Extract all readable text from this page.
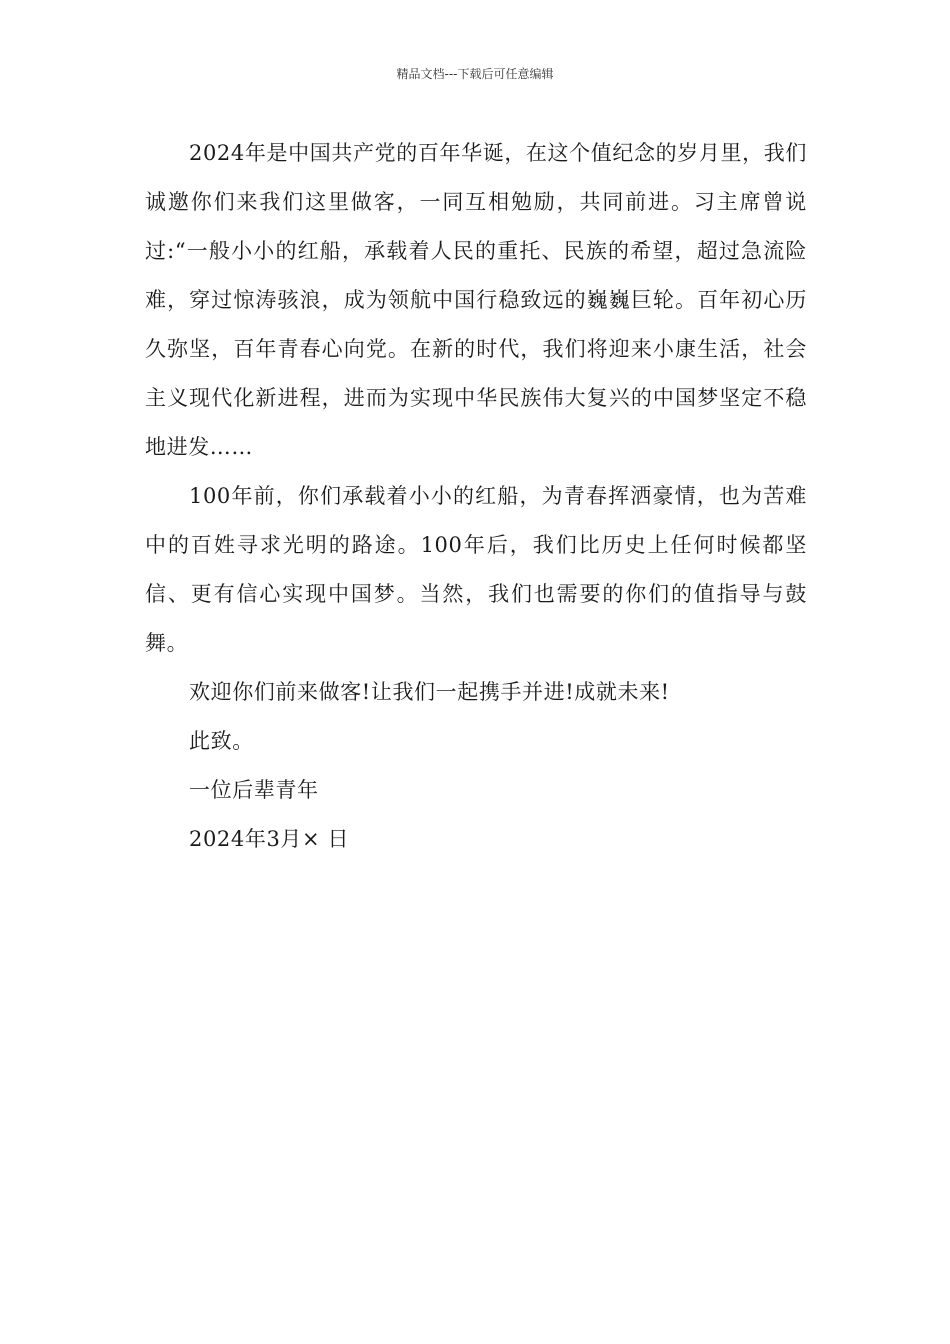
精品文档---下载后可任意编辑

2024年是中国共产党的百年华诞，在这个值纪念的岁月里，我们诚邀你们来我们这里做客，一同互相勉励，共同前进。习主席曾说过:“一般小小的红船，承载着人民的重托、民族的希望，超过急流险难，穿过惊涛骇浪，成为领航中国行稳致远的巍巍巨轮。百年初心历久弥坚，百年青春心向党。在新的时代，我们将迎来小康生活，社会主义现代化新进程，进而为实现中华民族伟大复兴的中国梦坚定不稳地进发……

100年前，你们承载着小小的红船，为青春挥洒豪情，也为苦难中的百姓寻求光明的路途。100年后，我们比历史上任何时候都坚信、更有信心实现中国梦。当然，我们也需要的你们的值指导与鼓舞。

欢迎你们前来做客!让我们一起携手并进!成就未来!

此致。

一位后辈青年

2024年3月× 日
